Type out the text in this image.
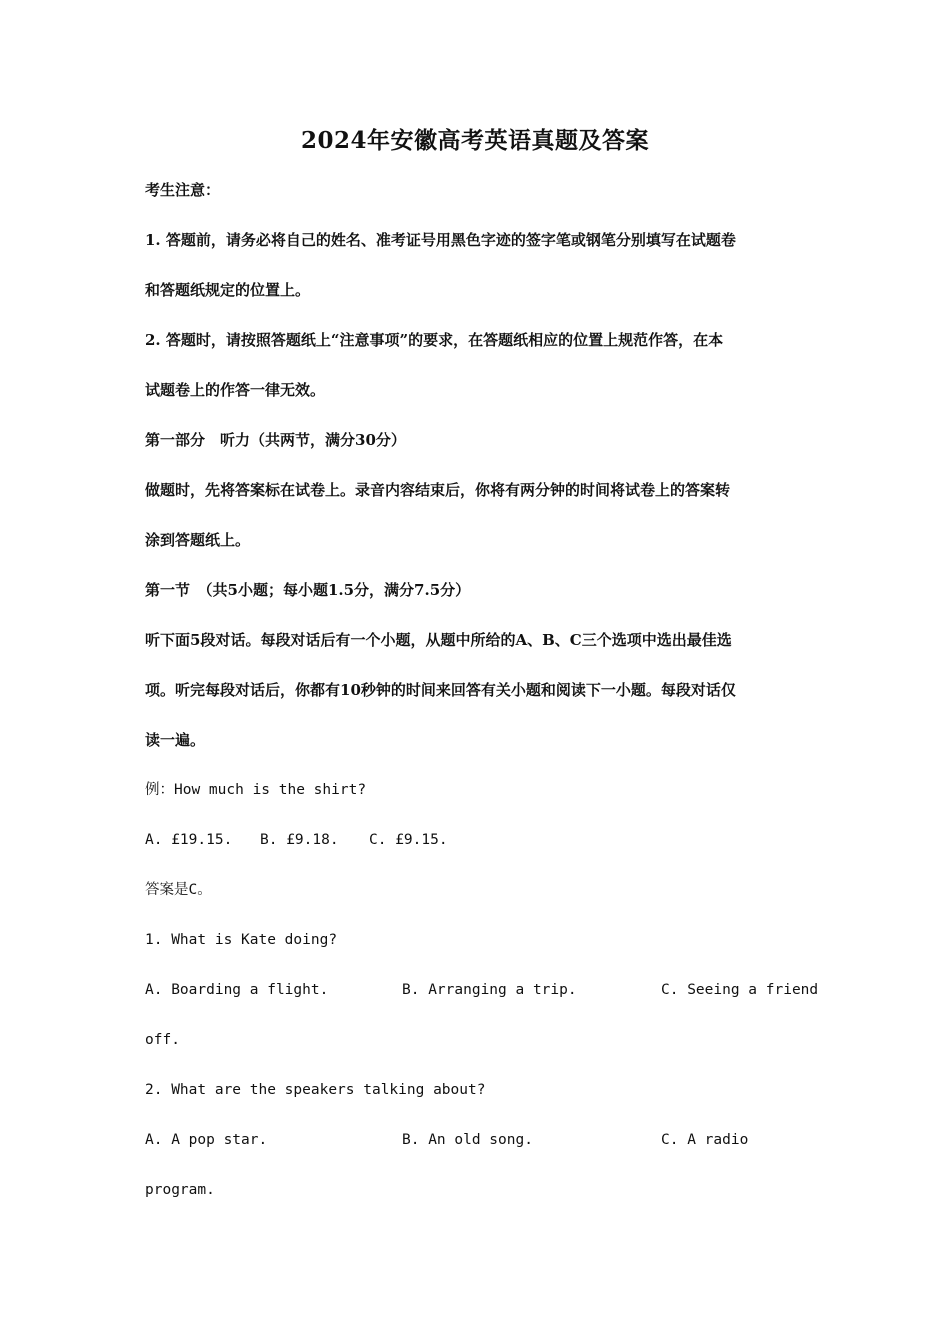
2024年安徽高考英语真题及答案
考生注意：
1. 答题前，请务必将自己的姓名、准考证号用黑色字迹的签字笔或钢笔分别填写在试题卷
和答题纸规定的位置上。
2. 答题时，请按照答题纸上“注意事项”的要求，在答题纸相应的位置上规范作答，在本
试题卷上的作答一律无效。
第一部分　听力（共两节，满分30分）
做题时，先将答案标在试卷上。录音内容结束后，你将有两分钟的时间将试卷上的答案转
涂到答题纸上。
第一节　（共5小题；每小题1.5分，满分7.5分）
听下面5段对话。每段对话后有一个小题，从题中所给的A、B、C三个选项中选出最佳选
项。听完每段对话后，你都有10秒钟的时间来回答有关小题和阅读下一小题。每段对话仅
读一遍。
例：How much is the shirt?
A. £19.15. B. £9.18. C. £9.15.
答案是C。
1. What is Kate doing?
A. Boarding a flight.	B. Arranging a trip.	C. Seeing a friend
off.
2. What are the speakers talking about?
A. A pop star.	B. An old song.	C. A radio
program.
